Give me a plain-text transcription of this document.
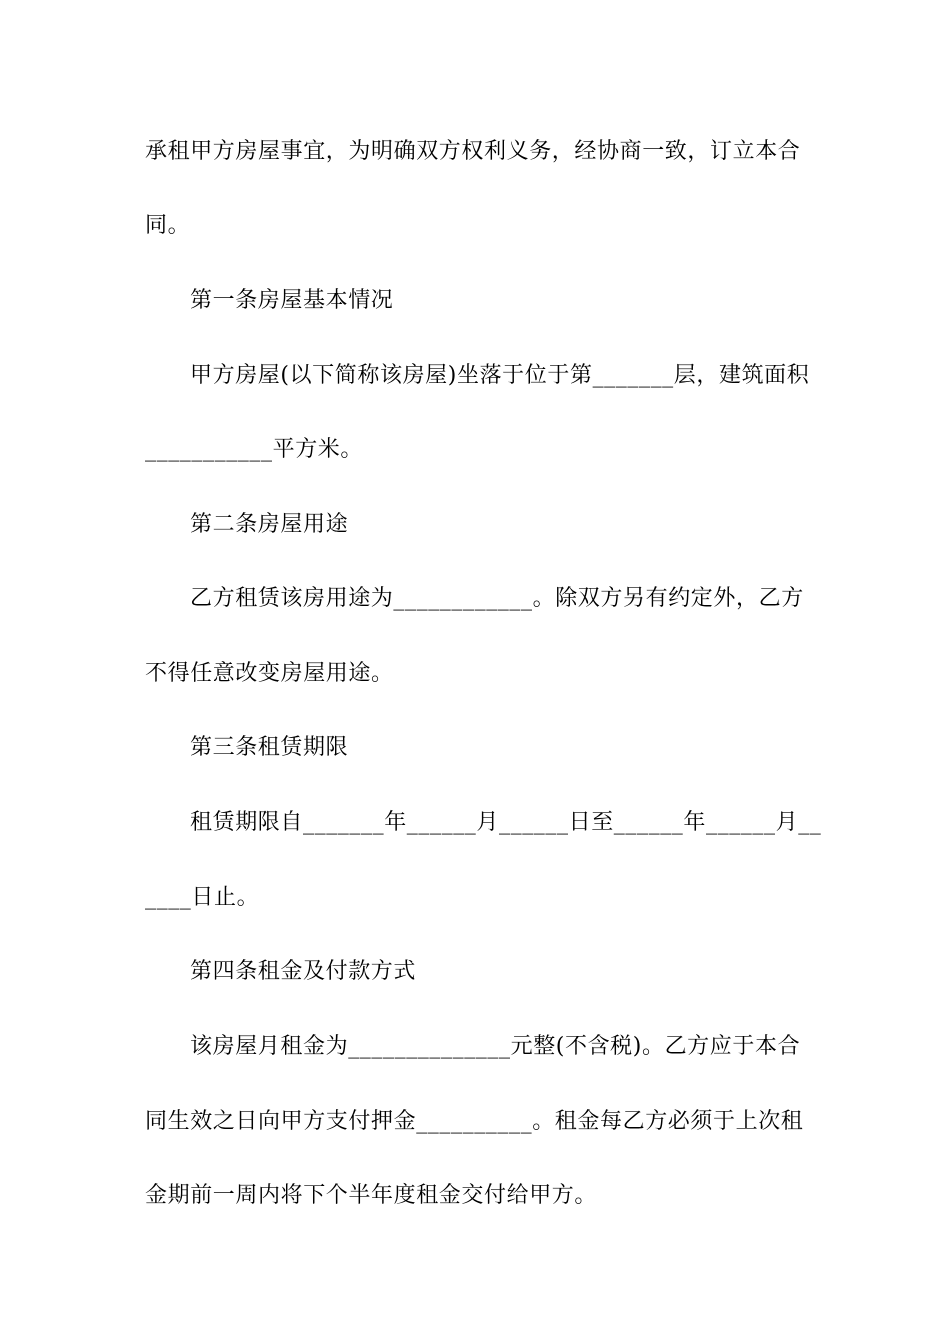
承租甲方房屋事宜，为明确双方权利义务，经协商一致，订立本合
同。
第一条房屋基本情况
甲方房屋(以下简称该房屋)坐落于位于第_______层，建筑面积
___________平方米。
第二条房屋用途
乙方租赁该房用途为____________。除双方另有约定外，乙方
不得任意改变房屋用途。
第三条租赁期限
租赁期限自_______年______月______日至______年______月__
____日止。
第四条租金及付款方式
该房屋月租金为______________元整(不含税)。乙方应于本合
同生效之日向甲方支付押金__________。租金每乙方必须于上次租
金期前一周内将下个半年度租金交付给甲方。
